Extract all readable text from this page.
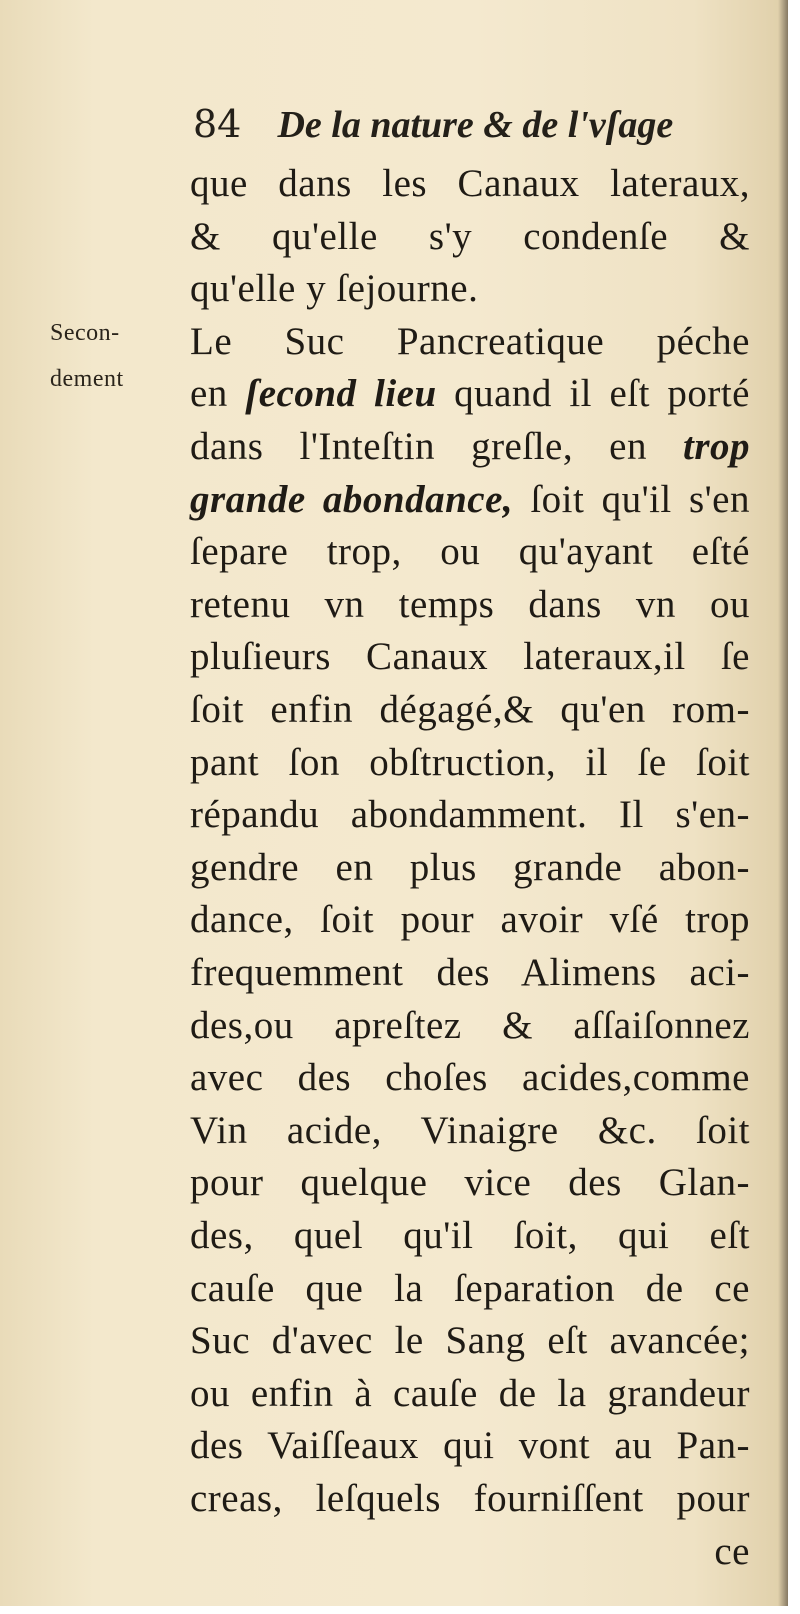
84 De la nature & de l'vſage
Secon-
dement
que dans les Canaux lateraux,
& qu'elle s'y condenſe &
qu'elle y ſejourne.
Le Suc Pancreatique péche
en ſecond lieu quand il eſt porté
dans l'Inteſtin greſle, en trop
grande abondance, ſoit qu'il s'en
ſepare trop, ou qu'ayant eſté
retenu vn temps dans vn ou
pluſieurs Canaux lateraux,il ſe
ſoit enfin dégagé,& qu'en rom-
pant ſon obſtruction, il ſe ſoit
répandu abondamment. Il s'en-
gendre en plus grande abon-
dance, ſoit pour avoir vſé trop
frequemment des Alimens aci-
des,ou apreſtez & aſſaiſonnez
avec des choſes acides,comme
Vin acide, Vinaigre &c. ſoit
pour quelque vice des Glan-
des, quel qu'il ſoit, qui eſt
cauſe que la ſeparation de ce
Suc d'avec le Sang eſt avancée;
ou enfin à cauſe de la grandeur
des Vaiſſeaux qui vont au Pan-
creas, leſquels fourniſſent pour
ce
